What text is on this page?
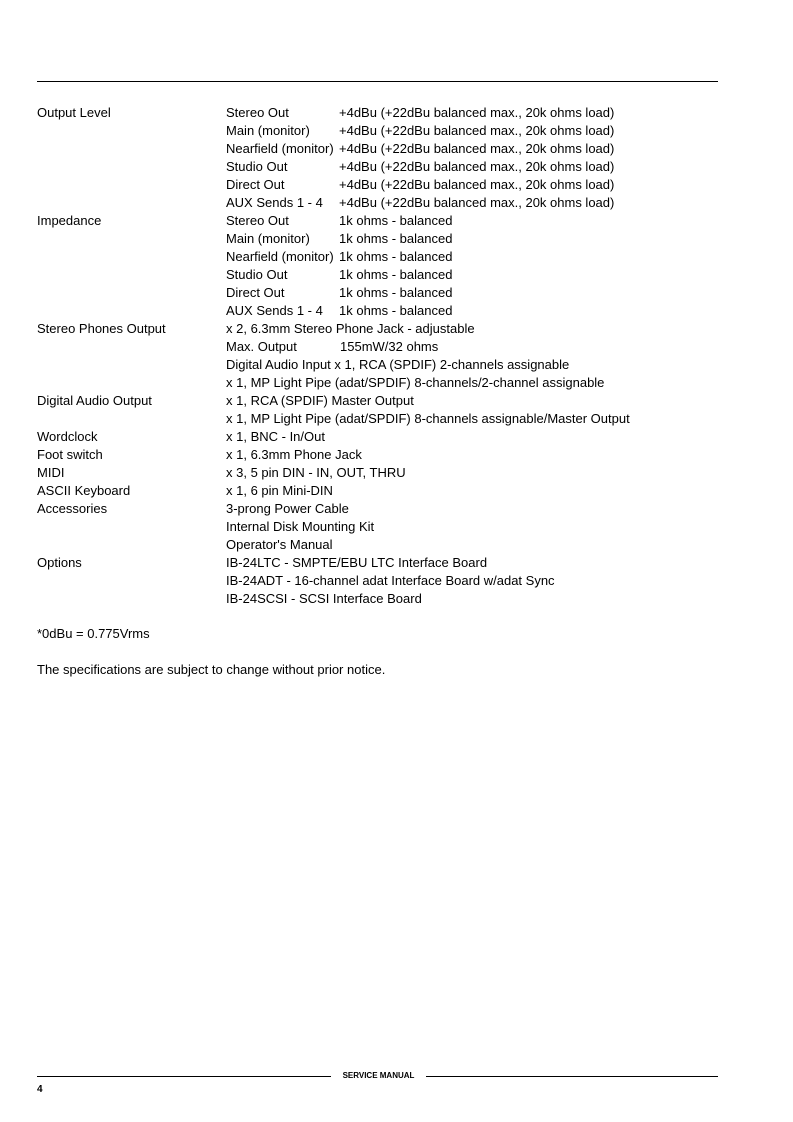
Output Level	Stereo Out	+4dBu (+22dBu balanced max., 20k ohms load)
Main (monitor) +4dBu (+22dBu balanced max., 20k ohms load)
Nearfield (monitor) +4dBu (+22dBu balanced max., 20k ohms load)
Studio Out	+4dBu (+22dBu balanced max., 20k ohms load)
Direct Out	+4dBu (+22dBu balanced max., 20k ohms load)
AUX Sends 1 - 4 +4dBu (+22dBu balanced max., 20k ohms load)
Impedance	Stereo Out	1k ohms - balanced
Main (monitor) 1k ohms - balanced
Nearfield (monitor) 1k ohms - balanced
Studio Out	1k ohms - balanced
Direct Out	1k ohms - balanced
AUX Sends 1 - 4 1k ohms - balanced
Stereo Phones Output	x 2, 6.3mm Stereo Phone Jack - adjustable
Max. Output	155mW/32 ohms
Digital Audio Input x 1, RCA (SPDIF) 2-channels assignable
x 1, MP Light Pipe (adat/SPDIF) 8-channels/2-channel assignable
Digital Audio Output	x 1, RCA (SPDIF) Master Output
x 1, MP Light Pipe (adat/SPDIF) 8-channels assignable/Master Output
Wordclock	x 1, BNC - In/Out
Foot switch	x 1, 6.3mm Phone Jack
MIDI	x 3, 5 pin DIN - IN, OUT, THRU
ASCII Keyboard	x 1, 6 pin Mini-DIN
Accessories	3-prong Power Cable
Internal Disk Mounting Kit
Operator's Manual
Options	IB-24LTC - SMPTE/EBU LTC Interface Board
IB-24ADT - 16-channel adat Interface Board w/adat Sync
IB-24SCSI - SCSI Interface Board
*0dBu = 0.775Vrms
The specifications are subject to change without prior notice.
SERVICE MANUAL
4
